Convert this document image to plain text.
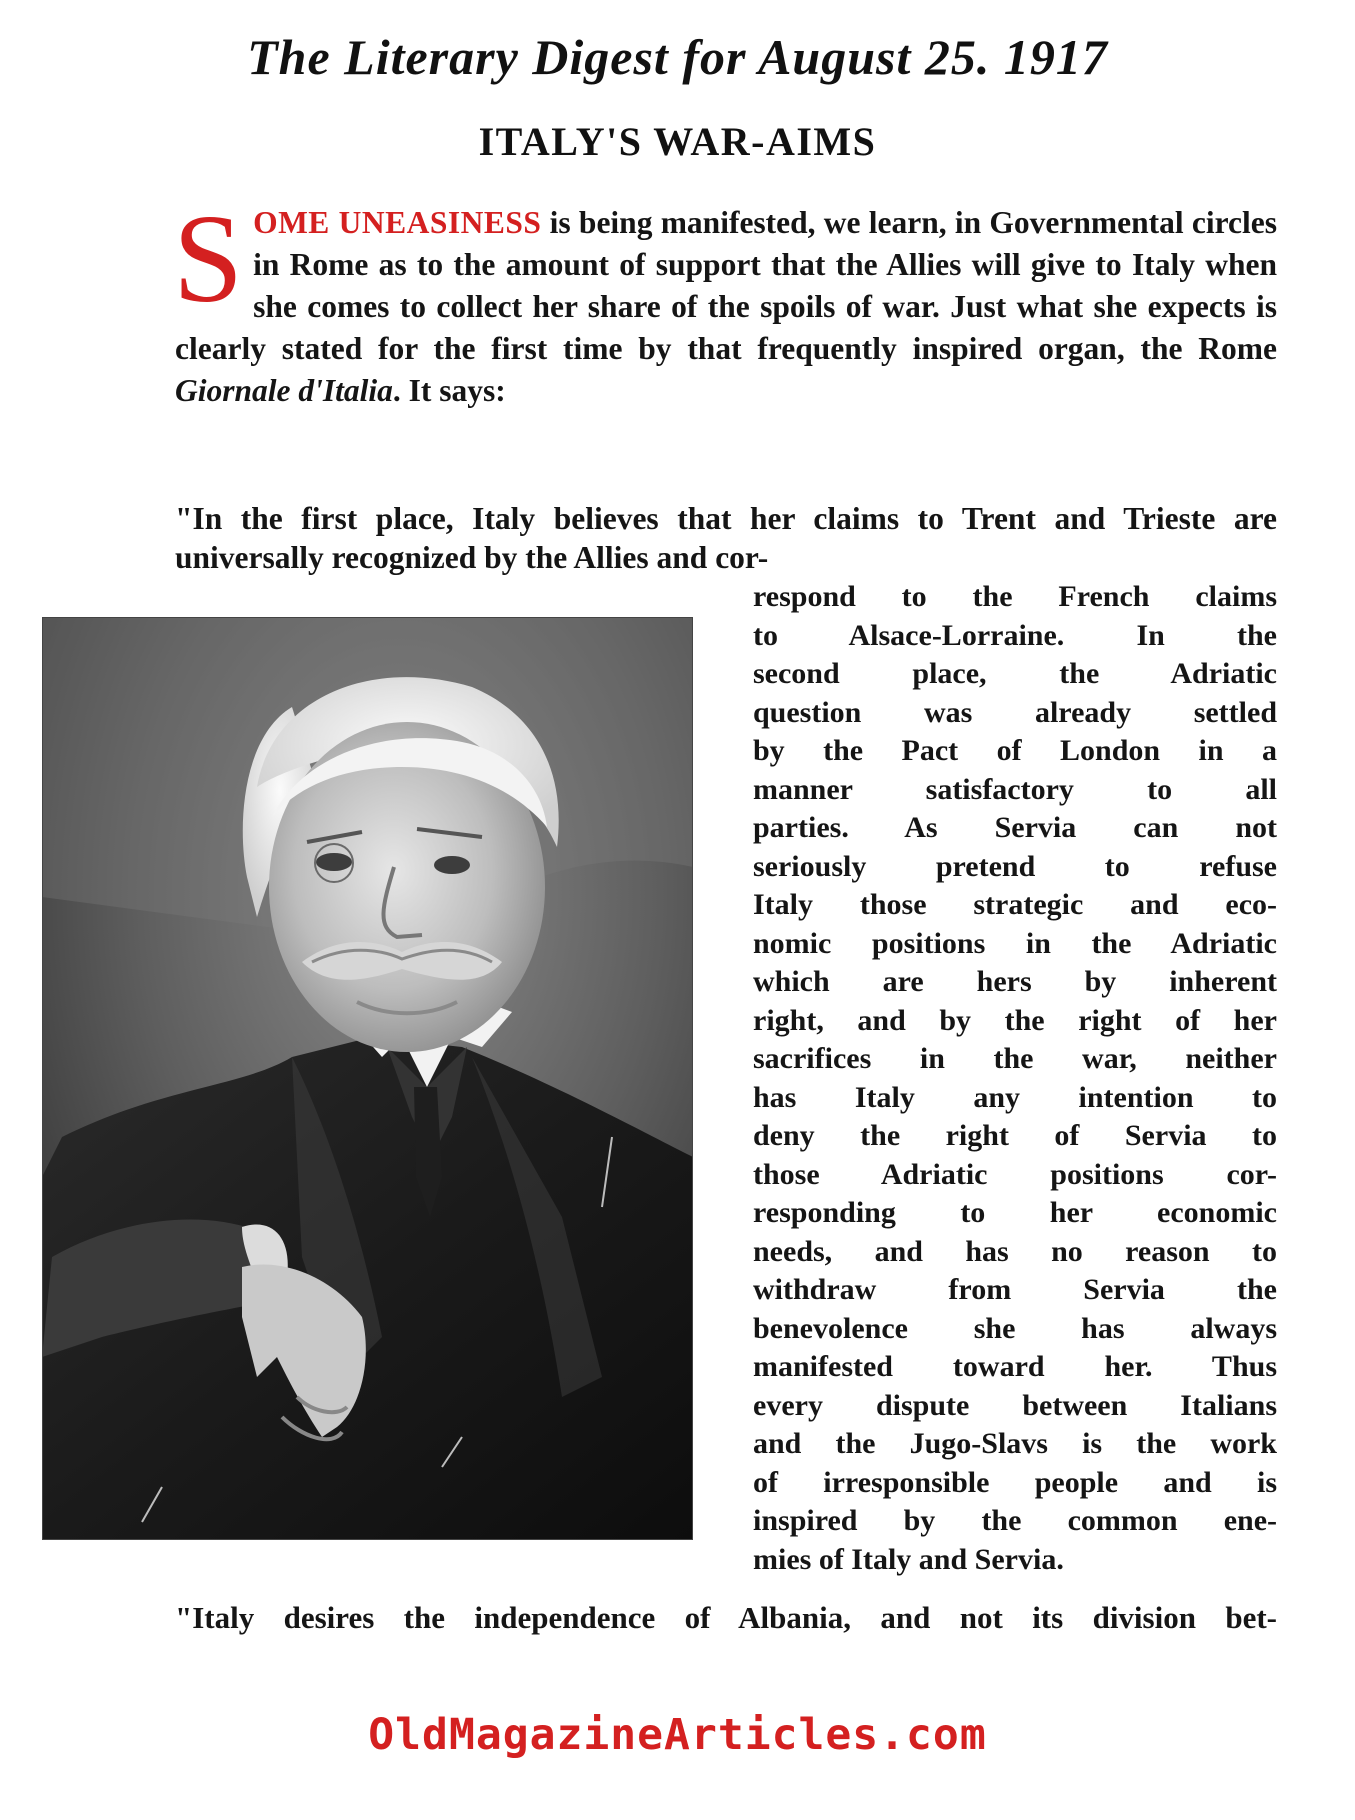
The Literary Digest for August 25. 1917
ITALY'S WAR-AIMS
SOME UNEASINESS is being manifested, we learn, in Governmental circles in Rome as to the amount of support that the Allies will give to Italy when she comes to collect her share of the spoils of war. Just what she expects is clearly stated for the first time by that frequently inspired organ, the Rome Giornale d'Italia. It says:
"In the first place, Italy believes that her claims to Trent and Trieste are universally recognized by the Allies and cor-
respond to the French claims
to Alsace-Lorraine. In the
second place, the Adriatic
question was already settled
by the Pact of London in a
manner satisfactory to all
parties. As Servia can not
seriously pretend to refuse
Italy those strategic and eco-
nomic positions in the Adriatic
which are hers by inherent
right, and by the right of her
sacrifices in the war, neither
has Italy any intention to
deny the right of Servia to
those Adriatic positions cor-
responding to her economic
needs, and has no reason to
withdraw from Servia the
benevolence she has always
manifested toward her. Thus
every dispute between Italians
and the Jugo-Slavs is the work
of irresponsible people and is
inspired by the common ene-
mies of Italy and Servia.
"Italy desires the independence of Albania, and not its division bet-
OldMagazineArticles.com
